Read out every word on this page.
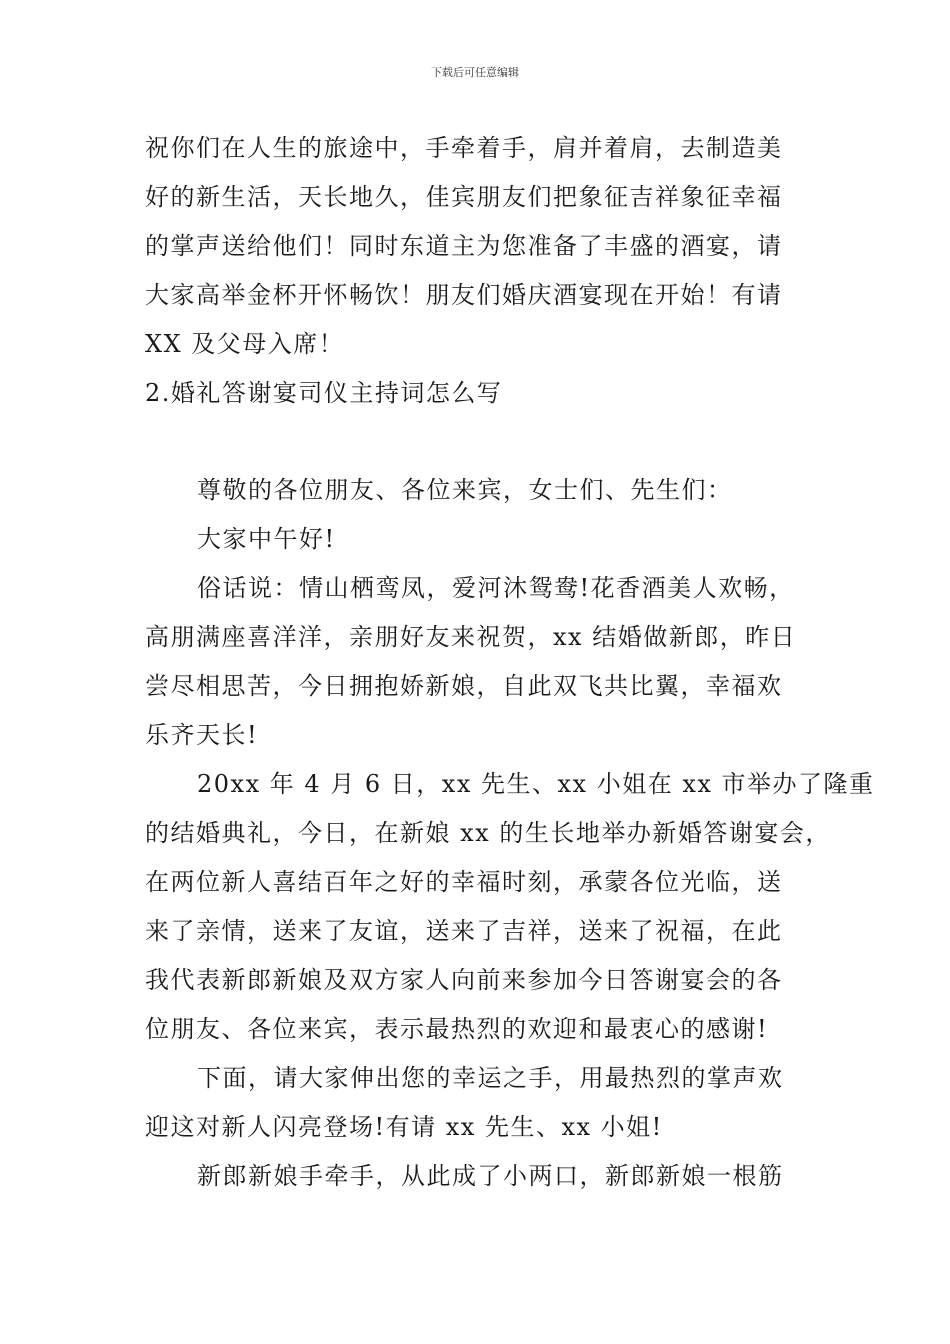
下载后可任意编辑
祝你们在人生的旅途中，手牵着手，肩并着肩，去制造美
好的新生活，天长地久，佳宾朋友们把象征吉祥象征幸福
的掌声送给他们！同时东道主为您准备了丰盛的酒宴，请
大家高举金杯开怀畅饮！朋友们婚庆酒宴现在开始！有请
XX 及父母入席！
2.婚礼答谢宴司仪主持词怎么写
尊敬的各位朋友、各位来宾，女士们、先生们：
大家中午好!
俗话说：情山栖鸾凤，爱河沐鸳鸯!花香酒美人欢畅，
高朋满座喜洋洋，亲朋好友来祝贺，xx 结婚做新郎，昨日
尝尽相思苦，今日拥抱娇新娘，自此双飞共比翼，幸福欢
乐齐天长!
20xx 年 4 月 6 日，xx 先生、xx 小姐在 xx 市举办了隆重
的结婚典礼，今日，在新娘 xx 的生长地举办新婚答谢宴会，
在两位新人喜结百年之好的幸福时刻，承蒙各位光临，送
来了亲情，送来了友谊，送来了吉祥，送来了祝福，在此
我代表新郎新娘及双方家人向前来参加今日答谢宴会的各
位朋友、各位来宾，表示最热烈的欢迎和最衷心的感谢!
下面，请大家伸出您的幸运之手，用最热烈的掌声欢
迎这对新人闪亮登场!有请 xx 先生、xx 小姐!
新郎新娘手牵手，从此成了小两口，新郎新娘一根筋
